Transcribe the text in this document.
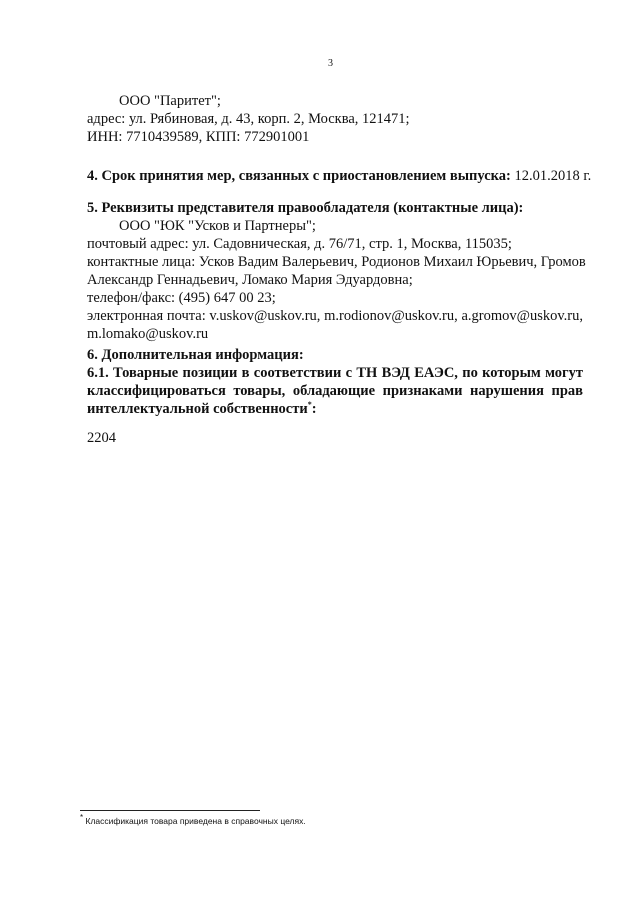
3
ООО "Паритет";
адрес: ул. Рябиновая, д. 43, корп. 2, Москва, 121471;
ИНН: 7710439589, КПП: 772901001
4. Срок принятия мер, связанных с приостановлением выпуска: 12.01.2018 г.
5. Реквизиты представителя правообладателя (контактные лица):
ООО "ЮК "Усков и Партнеры";
почтовый адрес: ул. Садовническая, д. 76/71, стр. 1, Москва, 115035;
контактные лица: Усков Вадим Валерьевич, Родионов Михаил Юрьевич, Громов
Александр Геннадьевич, Ломако Мария Эдуардовна;
телефон/факс: (495) 647 00 23;
электронная почта: v.uskov@uskov.ru, m.rodionov@uskov.ru, a.gromov@uskov.ru,
m.lomako@uskov.ru
6. Дополнительная информация:
6.1. Товарные позиции в соответствии с ТН ВЭД ЕАЭС, по которым могут
классифицироваться товары, обладающие признаками нарушения прав
интеллектуальной собственности*:
2204
* Классификация товара приведена в справочных целях.
